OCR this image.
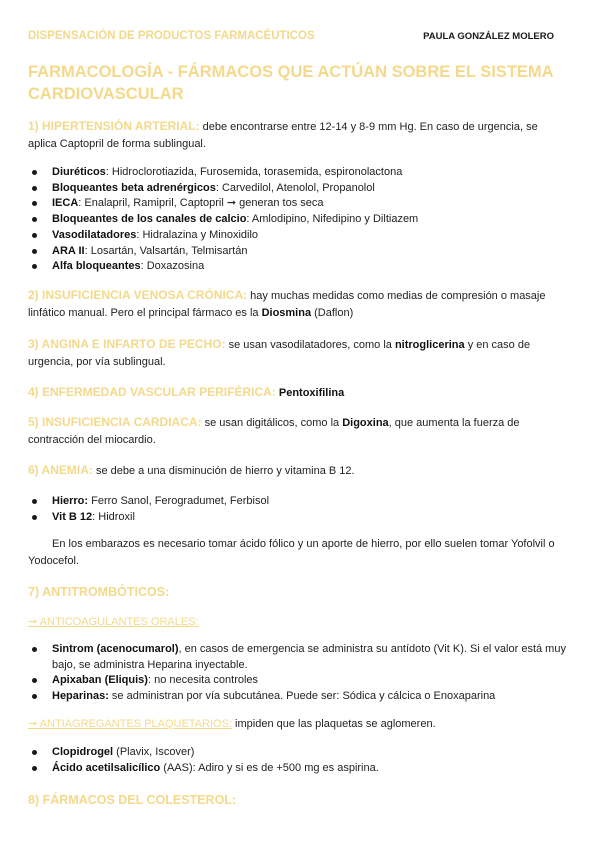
DISPENSACIÓN DE PRODUCTOS FARMACÉUTICOS	PAULA GONZÁLEZ MOLERO
FARMACOLOGÍA - FÁRMACOS QUE ACTÚAN SOBRE EL SISTEMA CARDIOVASCULAR
1) HIPERTENSIÓN ARTERIAL: debe encontrarse entre 12-14 y 8-9 mm Hg. En caso de urgencia, se aplica Captopril de forma sublingual.
Diuréticos: Hidroclorotiazida, Furosemida, torasemida, espironolactona
Bloqueantes beta adrenérgicos: Carvedilol, Atenolol, Propanolol
IECA: Enalapril, Ramipril, Captopril ➞ generan tos seca
Bloqueantes de los canales de calcio: Amlodipino, Nifedipino y Diltiazem
Vasodilatadores: Hidralazina y Minoxidilo
ARA II: Losartán, Valsartán, Telmisartán
Alfa bloqueantes: Doxazosina
2) INSUFICIENCIA VENOSA CRÓNICA: hay muchas medidas como medias de compresión o masaje linfático manual. Pero el principal fármaco es la Diosmina (Daflon)
3) ANGINA E INFARTO DE PECHO: se usan vasodilatadores, como la nitroglicerina y en caso de urgencia, por vía sublingual.
4) ENFERMEDAD VASCULAR PERIFÉRICA: Pentoxifilina
5) INSUFICIENCIA CARDIACA: se usan digitálicos, como la Digoxina, que aumenta la fuerza de contracción del miocardio.
6) ANEMIA: se debe a una disminución de hierro y vitamina B 12.
Hierro: Ferro Sanol, Ferogradumet, Ferbisol
Vit B 12: Hidroxil
En los embarazos es necesario tomar ácido fólico y un aporte de hierro, por ello suelen tomar Yofolvil o Yodocefol.
7) ANTITROMBÓTICOS:
➞ ANTICOAGULANTES ORALES:
Sintrom (acenocumarol), en casos de emergencia se administra su antídoto (Vit K). Si el valor está muy bajo, se administra Heparina inyectable.
Apixaban (Eliquis): no necesita controles
Heparinas: se administran por vía subcutánea. Puede ser: Sódica y cálcica o Enoxaparina
➞ ANTIAGREGANTES PLAQUETARIOS: impiden que las plaquetas se aglomeren.
Clopidrogel (Plavix, Iscover)
Ácido acetilsalicílico (AAS): Adiro y si es de +500 mg es aspirina.
8) FÁRMACOS DEL COLESTEROL:
